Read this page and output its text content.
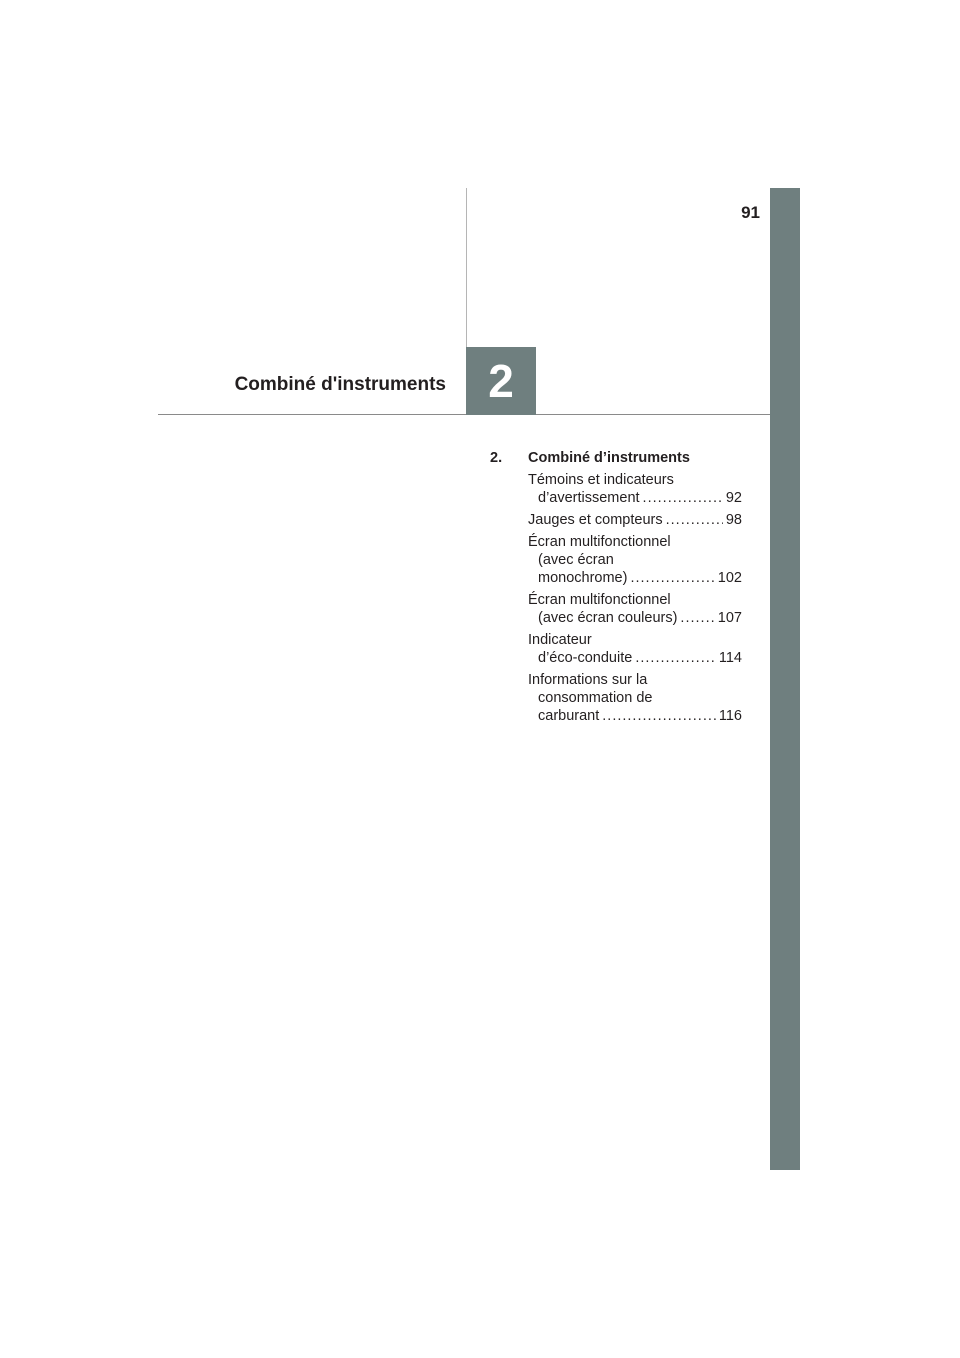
91
2
Combiné d'instruments
2.	Combiné d’instruments
Témoins et indicateurs
d’avertissement .....	92
Jauges et compteurs .....	98
Écran multifonctionnel
(avec écran
monochrome) .....	102
Écran multifonctionnel
(avec écran couleurs) .....	107
Indicateur
d’éco-conduite .....	114
Informations sur la
consommation de
carburant .....	116
